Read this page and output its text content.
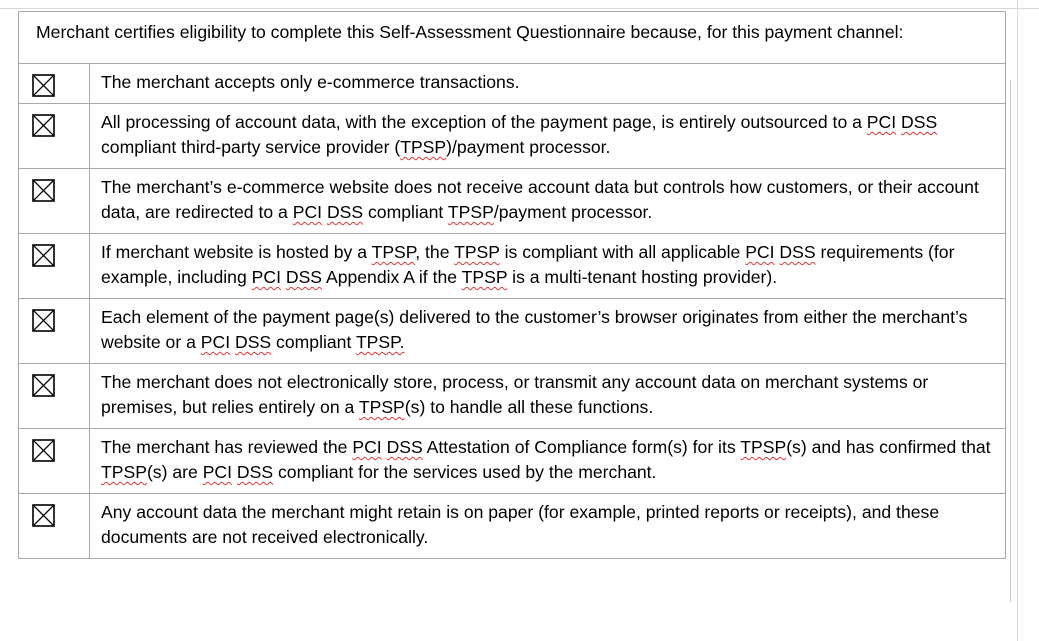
Merchant certifies eligibility to complete this Self-Assessment Questionnaire because, for this payment channel:	

	The merchant accepts only e-commerce transactions.

	All processing of account data, with the exception of the payment page, is entirely outsourced to a PCI DSS compliant third-party service provider (TPSP)/payment processor.

	The merchant’s e-commerce website does not receive account data but controls how customers, or their account data, are redirected to a PCI DSS compliant TPSP/payment processor.

	If merchant website is hosted by a TPSP, the TPSP is compliant with all applicable PCI DSS requirements (for example, including PCI DSS Appendix A if the TPSP is a multi-tenant hosting provider).

	Each element of the payment page(s) delivered to the customer’s browser originates from either the merchant’s website or a PCI DSS compliant TPSP.

	The merchant does not electronically store, process, or transmit any account data on merchant systems or premises, but relies entirely on a TPSP(s) to handle all these functions.

	The merchant has reviewed the PCI DSS Attestation of Compliance form(s) for its TPSP(s) and has confirmed that TPSP(s) are PCI DSS compliant for the services used by the merchant.

	Any account data the merchant might retain is on paper (for example, printed reports or receipts), and these documents are not received electronically.
